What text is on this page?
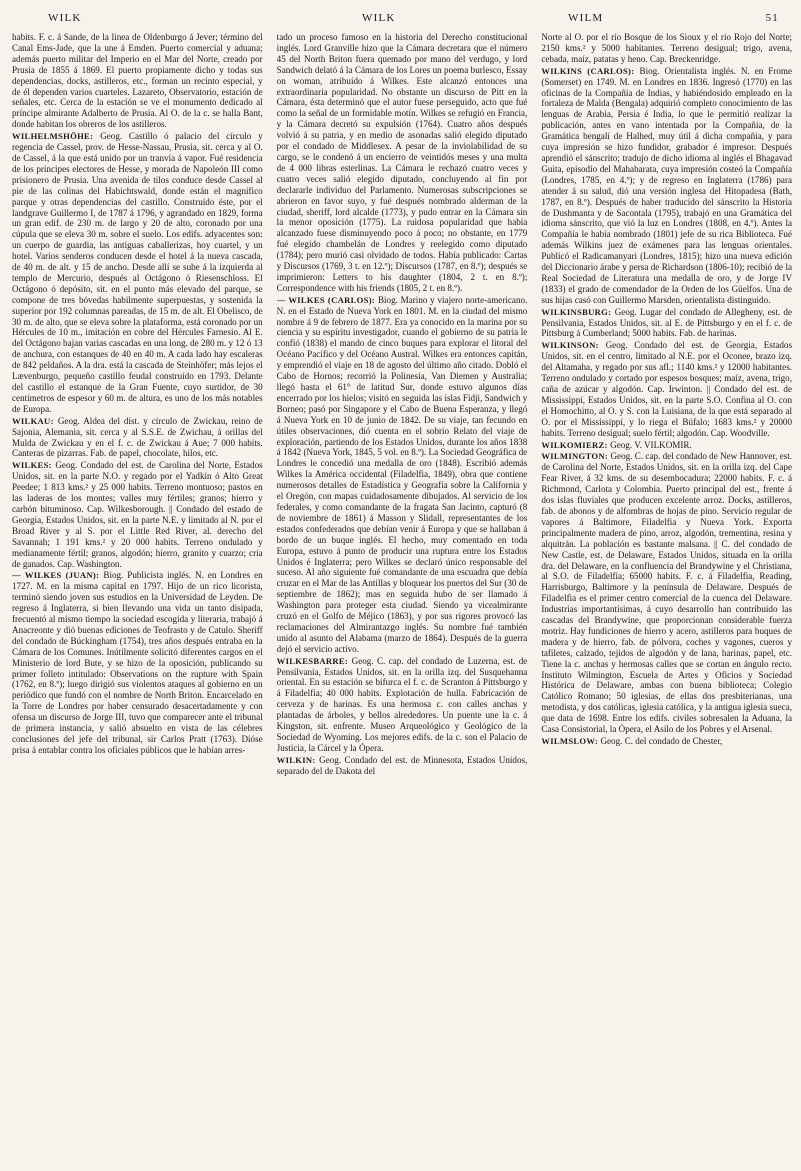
WILK	WILK	WILM	51

habits. F. c. á Sande, de la línea de Oldenburgo á Jever; término del Canal Ems-Jade, que la une á Emden. Puerto comercial y aduana; además puerto militar del Imperio en el Mar del Norte, creado por Prusia de 1855 á 1869. El puerto propiamente dicho y todas sus dependencias, docks, astilleros, etc., forman un recinto especial, y de él dependen varios cuarteles. Lazareto, Observatorio, estación de señales, etc. Cerca de la estación se ve el monumento dedicado al príncipe almirante Adalberto de Prusia. Al O. de la c. se halla Bant, donde habitan los obreros de los astilleros.

WILHELMSHÖHE: Geog. Castillo ó palacio del círculo y regencia de Cassel, prov. de Hesse-Nassau, Prusia, sit. cerca y al O. de Cassel, á la que está unido por un tranvía á vapor. Fué residencia de los príncipes electores de Hesse, y morada de Napoleón III como prisionero de Prusia. Una avenida de tilos conduce desde Cassel al pie de las colinas del Habichtswald, donde están el magnífico parque y otras dependencias del castillo. Construído éste, por el landgrave Guillermo I, de 1787 á 1796, y agrandado en 1829, forma un gran edif. de 230 m. de largo y 20 de alto, coronado por una cúpula que se eleva 30 m. sobre el suelo. Los edifs. adyacentes son: un cuerpo de guardia, las antiguas caballerizas, hoy cuartel, y un hotel. Varios senderos conducen desde el hotel á la nueva cascada, de 40 m. de alt. y 15 de ancho. Desde allí se sube á la izquierda al templo de Mercurio, después al Octágono ó Riesenschloss. El Octágono ó depósito, sit. en el punto más elevado del parque, se compone de tres bóvedas habilmente superpuestas, y sostenida la superior por 192 columnas pareadas, de 15 m. de alt. El Obelisco, de 30 m. de alto, que se eleva sobre la plataforma, está coronado por un Hércules de 10 m., imitación en cobre del Hércules Farnesio. Al E. del Octágono bajan varias cascadas en una long. de 280 m. y 12 ó 13 de anchura, con estanques de 40 en 40 m. A cada lado hay escaleras de 842 peldaños. A la dra. está la cascada de Steinhöfer; más lejos el Lævenburgo, pequeño castillo feudal construído en 1793. Delante del castillo el estanque de la Gran Fuente, cuyo surtidor, de 30 centímetros de espesor y 60 m. de altura, es uno de los más notables de Europa.

WILKAU: Geog. Aldea del dist. y círculo de Zwickau, reino de Sajonia, Alemania, sit. cerca y al S.S.E. de Zwichau, á orillas del Mulda de Zwickau y en el f. c. de Zwickau á Aue; 7 000 habits. Canteras de pizarras. Fab. de papel, chocolate, hilos, etc.

WILKES: Geog. Condado del est. de Carolina del Norte, Estados Unidos, sit. en la parte N.O. y regado por el Yadkin ó Alto Great Peedee; 1 813 kms.² y 25 000 habits. Terreno montuoso; pastos en las laderas de los montes; valles muy fértiles; granos; hierro y carbón bituminoso. Cap. Wilkesborough. || Condado del estado de Georgia, Estados Unidos, sit. en la parte N.E. y limitado al N. por el Broad River y al S. por el Little Red River, al. derecho del Savannah; 1 191 kms.² y 20 000 habits. Terreno ondulado y medianamente fértil; granos, algodón; hierro, granito y cuarzo; cría de ganados. Cap. Washington.

— WILKES (JUAN): Biog. Publicista inglés. N. en Londres en 1727. M. en la misma capital en 1797. Hijo de un rico licorista, terminó siendo joven sus estudios en la Universidad de Leyden. De regreso á Inglaterra, si bien llevando una vida un tanto disipada, frecuentó al mismo tiempo la sociedad escogida y literaria, trabajó á Anacreonte y dió buenas ediciones de Teofrasto y de Catulo. Sheriff del condado de Búckingham (1754), tres años después entraba en la Cámara de los Comunes. Inútilmente solicitó diferentes cargos en el Ministerio de lord Bute, y se hizo de la oposición, publicando su primer folleto intitulado: Observations on the rupture with Spain (1762, en 8.º); luego dirigió sus violentos ataques al gobierno en un periódico que fundó con el nombre de North Briton. Encarcelado en la Torre de Londres por haber censurado desacertadamente y con ofensa un discurso de Jorge III, tuvo que comparecer ante el tribunal de primera instancia, y salió absuelto en vista de las célebres conclusiones del jefe del tribunal, sir Carlos Pratt (1763). Dióse prisa á entablar contra los oficiales públicos que le habían arres-

tado un proceso famoso en la historia del Derecho constitucional inglés. Lord Granville hizo que la Cámara decretara que el número 45 del North Briton fuera quemado por mano del verdugo, y lord Sandwich delató á la Cámara de los Lores un poema burlesco, Essay on woman, atribuído á Wilkes. Este alcanzó entonces una extraordinaria popularidad. No obstante un discurso de Pitt en la Cámara, ésta determinó que el autor fuese perseguido, acto que fué como la señal de un formidable motín. Wilkes se refugió en Francia, y la Cámara decretó su expulsión (1764). Cuatro años después volvió á su patria, y en medio de asonadas salió elegido diputado por el condado de Middlesex. A pesar de la inviolabilidad de su cargo, se le condenó á un encierro de veintidós meses y una multa de 4 000 libras esterlinas. La Cámara le rechazó cuatro veces y cuatro veces salió elegido diputado, concluyendo al fin por declararle individuo del Parlamento. Numerosas subscripciones se abrieron en favor suyo, y fué después nombrado alderman de la ciudad, sheriff, lord alcalde (1773), y pudo entrar en la Cámara sin la menor oposición (1775). La ruidosa popularidad que había alcanzado fuese disminuyendo poco á poco; no obstante, en 1779 fué elegido chambelán de Londres y reelegido como diputado (1784); pero murió casi olvidado de todos. Había publicado: Cartas y Discursos (1769, 3 t. en 12.º); Discursos (1787, en 8.º); después se imprimieron: Letters to his daughter (1804, 2 t. en 8.º); Correspondence with his friends (1805, 2 t. en 8.º).

— WILKES (CARLOS): Biog. Marino y viajero norte-americano. N. en el Estado de Nueva York en 1801. M. en la ciudad del mismo nombre á 9 de febrero de 1877. Era ya conocido en la marina por su ciencia y su espíritu investigador, cuando el gobierno de su patria le confió (1838) el mando de cinco buques para explorar el litoral del Océano Pacífico y del Océano Austral. Wilkes era entonces capitán, y emprendió el viaje en 18 de agosto del último año citado. Dobló el Cabo de Hornos; recorrió la Polinesia, Van Diemen y Australia; llegó hasta el 61° de latitud Sur, donde estuvo algunos días encerrado por los hielos; visitó en seguida las islas Fidji, Sandwich y Borneo; pasó por Singapore y el Cabo de Buena Esperanza, y llegó á Nueva York en 10 de junio de 1842. De su viaje, tan fecundo en útiles observaciones, dió cuenta en el sobrio Relato del viaje de exploración, partiendo de los Estados Unidos, durante los años 1838 á 1842 (Nueva York, 1845, 5 vol. en 8.º). La Sociedad Geográfica de Londres le concedió una medalla de oro (1848). Escribió además Wilkes la América occidental (Filadelfia, 1849), obra que contiene numerosos detalles de Estadística y Geografía sobre la California y el Oregón, con mapas cuidadosamente dibujados. Al servicio de los federales, y como comandante de la fragata San Jacinto, capturó (8 de noviembre de 1861) á Masson y Slidall, representantes de los estados confederados que debían venir á Europa y que se hallaban á bordo de un buque inglés. El hecho, muy comentado en toda Europa, estuvo á punto de producir una ruptura entre los Estados Unidos é Inglaterra; pero Wilkes se declaró único responsable del suceso. Al año siguiente fué comandante de una escuadra que debía cruzar en el Mar de las Antillas y bloquear los puertos del Sur (30 de septiembre de 1862); mas en seguida hubo de ser llamado á Washington para proteger esta ciudad. Siendo ya vicealmirante cruzó en el Golfo de Méjico (1863), y por sus rigores provocó las reclamaciones del Almirantazgo inglés. Su nombre fué también unido al asunto del Alabama (marzo de 1864). Después de la guerra dejó el servicio activo.

WILKESBARRE: Geog. C. cap. del condado de Luzerna, est. de Pensilvania, Estados Unidos, sit. en la orilla izq. del Susquehanna oriental. En su estación se bifurca el f. c. de Scranton á Pittsburgo y á Filadelfia; 40 000 habits. Explotación de hulla. Fabricación de cerveza y de harinas. Es una hermosa c. con calles anchas y plantadas de árboles, y bellos alrededores. Un puente une la c. á Kingston, sit. enfrente. Museo Arqueológico y Geológico de la Sociedad de Wyoming. Los mejores edifs. de la c. son el Palacio de Justicia, la Cárcel y la Ópera.

WILKIN: Geog. Condado del est. de Minnesota, Estados Unidos, separado del de Dakota del

Norte al O. por el río Bosque de los Sioux y el río Rojo del Norte; 2150 kms.² y 5000 habitantes. Terreno desigual; trigo, avena, cebada, maíz, patatas y heno. Cap. Breckenridge.

WILKINS (CARLOS): Biog. Orientalista inglés. N. en Frome (Somerset) en 1749. M. en Londres en 1836. Ingresó (1770) en las oficinas de la Compañía de Indias, y habiéndosido empleado en la fortaleza de Malda (Bengala) adquirió completo conocimiento de las lenguas de Arabia, Persia é India, lo que le permitió realizar la publicación, antes en vano intentada por la Compañía, de la Gramática bengalí de Halhed, muy útil á dicha compañía, y para cuya impresión se hizo fundidor, grabador é impresor. Después aprendió el sánscrito; tradujo de dicho idioma al inglés el Bhagavad Guita, episodio del Mahabarata, cuya impresión costeó la Compañía (Londres, 1785, en 4.º); y de regreso en Inglaterra (1786) para atender á su salud, dió una versión inglesa del Hitopadesa (Bath, 1787, en 8.º). Después de haber traducido del sánscrito la Historia de Dushmanta y de Sacontala (1795), trabajó en una Gramática del idioma sánscrito, que vió la luz en Londres (1808, en 4.º). Antes la Compañía le había nombrado (1801) jefe de su rica Biblioteca. Fué además Wilkins juez de exámenes para las lenguas orientales. Publicó el Radicamanyari (Londres, 1815); hizo una nueva edición del Diccionario árabe y persa de Richardson (1806-10); recibió de la Real Sociedad de Literatura una medalla de oro, y de Jorge IV (1833) el grado de comendador de la Orden de los Güelfos. Una de sus hijas casó con Guillermo Marsden, orientalista distinguido.

WILKINSBURG: Geog. Lugar del condado de Allegheny, est. de Pensilvania, Estados Unidos, sit. al E. de Pittsburgo y en el f. c. de Pittsburg á Cumberland; 5000 habits. Fab. de harinas.

WILKINSON: Geog. Condado del est. de Georgia, Estados Unidos, sit. en el centro, limitado al N.E. por el Oconee, brazo izq. del Altamaha, y regado por sus afl.; 1140 kms.² y 12000 habitantes. Terreno ondulado y cortado por espesos bosques; maíz, avena, trigo, caña de azúcar y algodón. Cap. Irwinton. || Condado del est. de Mississippí, Estados Unidos, sit. en la parte S.O. Confina al O. con el Homochitto, al O. y S. con la Luisiana, de la que está separado al O. por el Mississippí, y lo riega el Búfalo; 1683 kms.² y 20000 habits. Terreno desigual; suelo fértil; algodón. Cap. Woodville.

WILKOMIERZ: Geog. V. VILKOMIR.

WILMINGTON: Geog. C. cap. del condado de New Hannover, est. de Carolina del Norte, Estados Unidos, sit. en la orilla izq. del Cape Fear River, á 32 kms. de su desembocadura; 22000 habits. F. c. á Richmond, Carlota y Colombia. Puerto principal del est., frente á dos islas fluviales que producen excelente arroz. Docks, astilleros, fab. de abonos y de alfombras de hojas de pino. Servicio regular de vapores á Baltimore, Filadelfia y Nueva York. Exporta principalmente madera de pino, arroz, algodón, trementina, resina y alquitrán. La población es bastante malsana. || C. del condado de New Castle, est. de Delaware, Estados Unidos, situada en la orilla dra. del Delaware, en la confluencia del Brandywine y el Christiana, al S.O. de Filadelfia; 65000 habits. F. c. á Filadelfia, Reading, Harrisburgo, Baltimore y la península de Delaware. Después de Filadelfia es el primer centro comercial de la cuenca del Delaware. Industrias importantísimas, á cuyo desarrollo han contribuido las cascadas del Brandywine, que proporcionan considerable fuerza motriz. Hay fundiciones de hierro y acero, astilleros para buques de madera y de hierro, fab. de pólvora, coches y vagones, cueros y tafiletes, calzado, tejidos de algodón y de lana, harinas, papel, etc. Tiene la c. anchas y hermosas calles que se cortan en ángulo recto. Instituto Wilmington, Escuela de Artes y Oficios y Sociedad Histórica de Delaware, ambas con buena biblioteca; Colegio Católico Romano; 50 iglesias, de ellas dos presbiterianas, una metodista, y dos católicas, iglesia católica, y la antigua iglesia sueca, que data de 1698. Entre los edifs. civiles sobresalen la Aduana, la Casa Consistorial, la Ópera, el Asilo de los Pobres y el Arsenal.

WILMSLOW: Geog. C. del condado de Chester,
